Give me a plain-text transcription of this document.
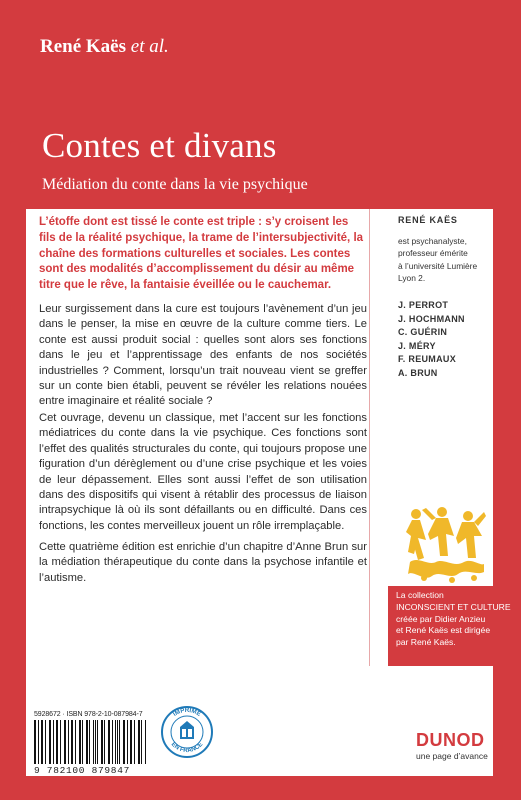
René Kaës et al.
Contes et divans
Médiation du conte dans la vie psychique
L’étoffe dont est tissé le conte est triple : s’y croisent les fils de la réalité psychique, la trame de l’intersubjectivité, la chaîne des formations culturelles et sociales. Les contes sont des modalités d’accomplissement du désir au même titre que le rêve, la fantaisie éveillée ou le cauchemar.
Leur surgissement dans la cure est toujours l’avènement d’un jeu dans le penser, la mise en œuvre de la culture comme tiers. Le conte est aussi produit social : quelles sont alors ses fonctions dans le jeu et l’apprentissage des enfants de nos sociétés industrielles ? Comment, lorsqu’un trait nouveau vient se greffer sur un conte bien établi, peuvent se révéler les relations nouées entre imaginaire et réalité sociale ?
Cet ouvrage, devenu un classique, met l’accent sur les fonctions médiatrices du conte dans la vie psychique. Ces fonctions sont l’effet des qualités structurales du conte, qui toujours propose une figuration d’un dérèglement ou d’une crise psychique et les voies de leur dépassement. Elles sont aussi l’effet de son utilisation dans des dispositifs qui visent à rétablir des processus de liaison intrapsychique là où ils sont défaillants ou en difficulté. Dans ces fonctions, les contes merveilleux jouent un rôle irremplaçable.
Cette quatrième édition est enrichie d’un chapitre d’Anne Brun sur la médiation thérapeutique du conte dans la psychose infantile et l’autisme.
RENÉ KAËS
est psychanalyste,
professeur émérite
à l’université Lumière
Lyon 2.
J. PERROT
J. HOCHMANN
C. GUÉRIN
J. MÉRY
F. REUMAUX
A. BRUN
La collection
INCONSCIENT ET CULTURE
créée par Didier Anzieu
et René Kaës est dirigée
par René Kaës.
5928672 · ISBN 978-2-10-087984-7
9 782100 879847
IMPRIMÉ
EN FRANCE	DUNOD
une page d’avance
